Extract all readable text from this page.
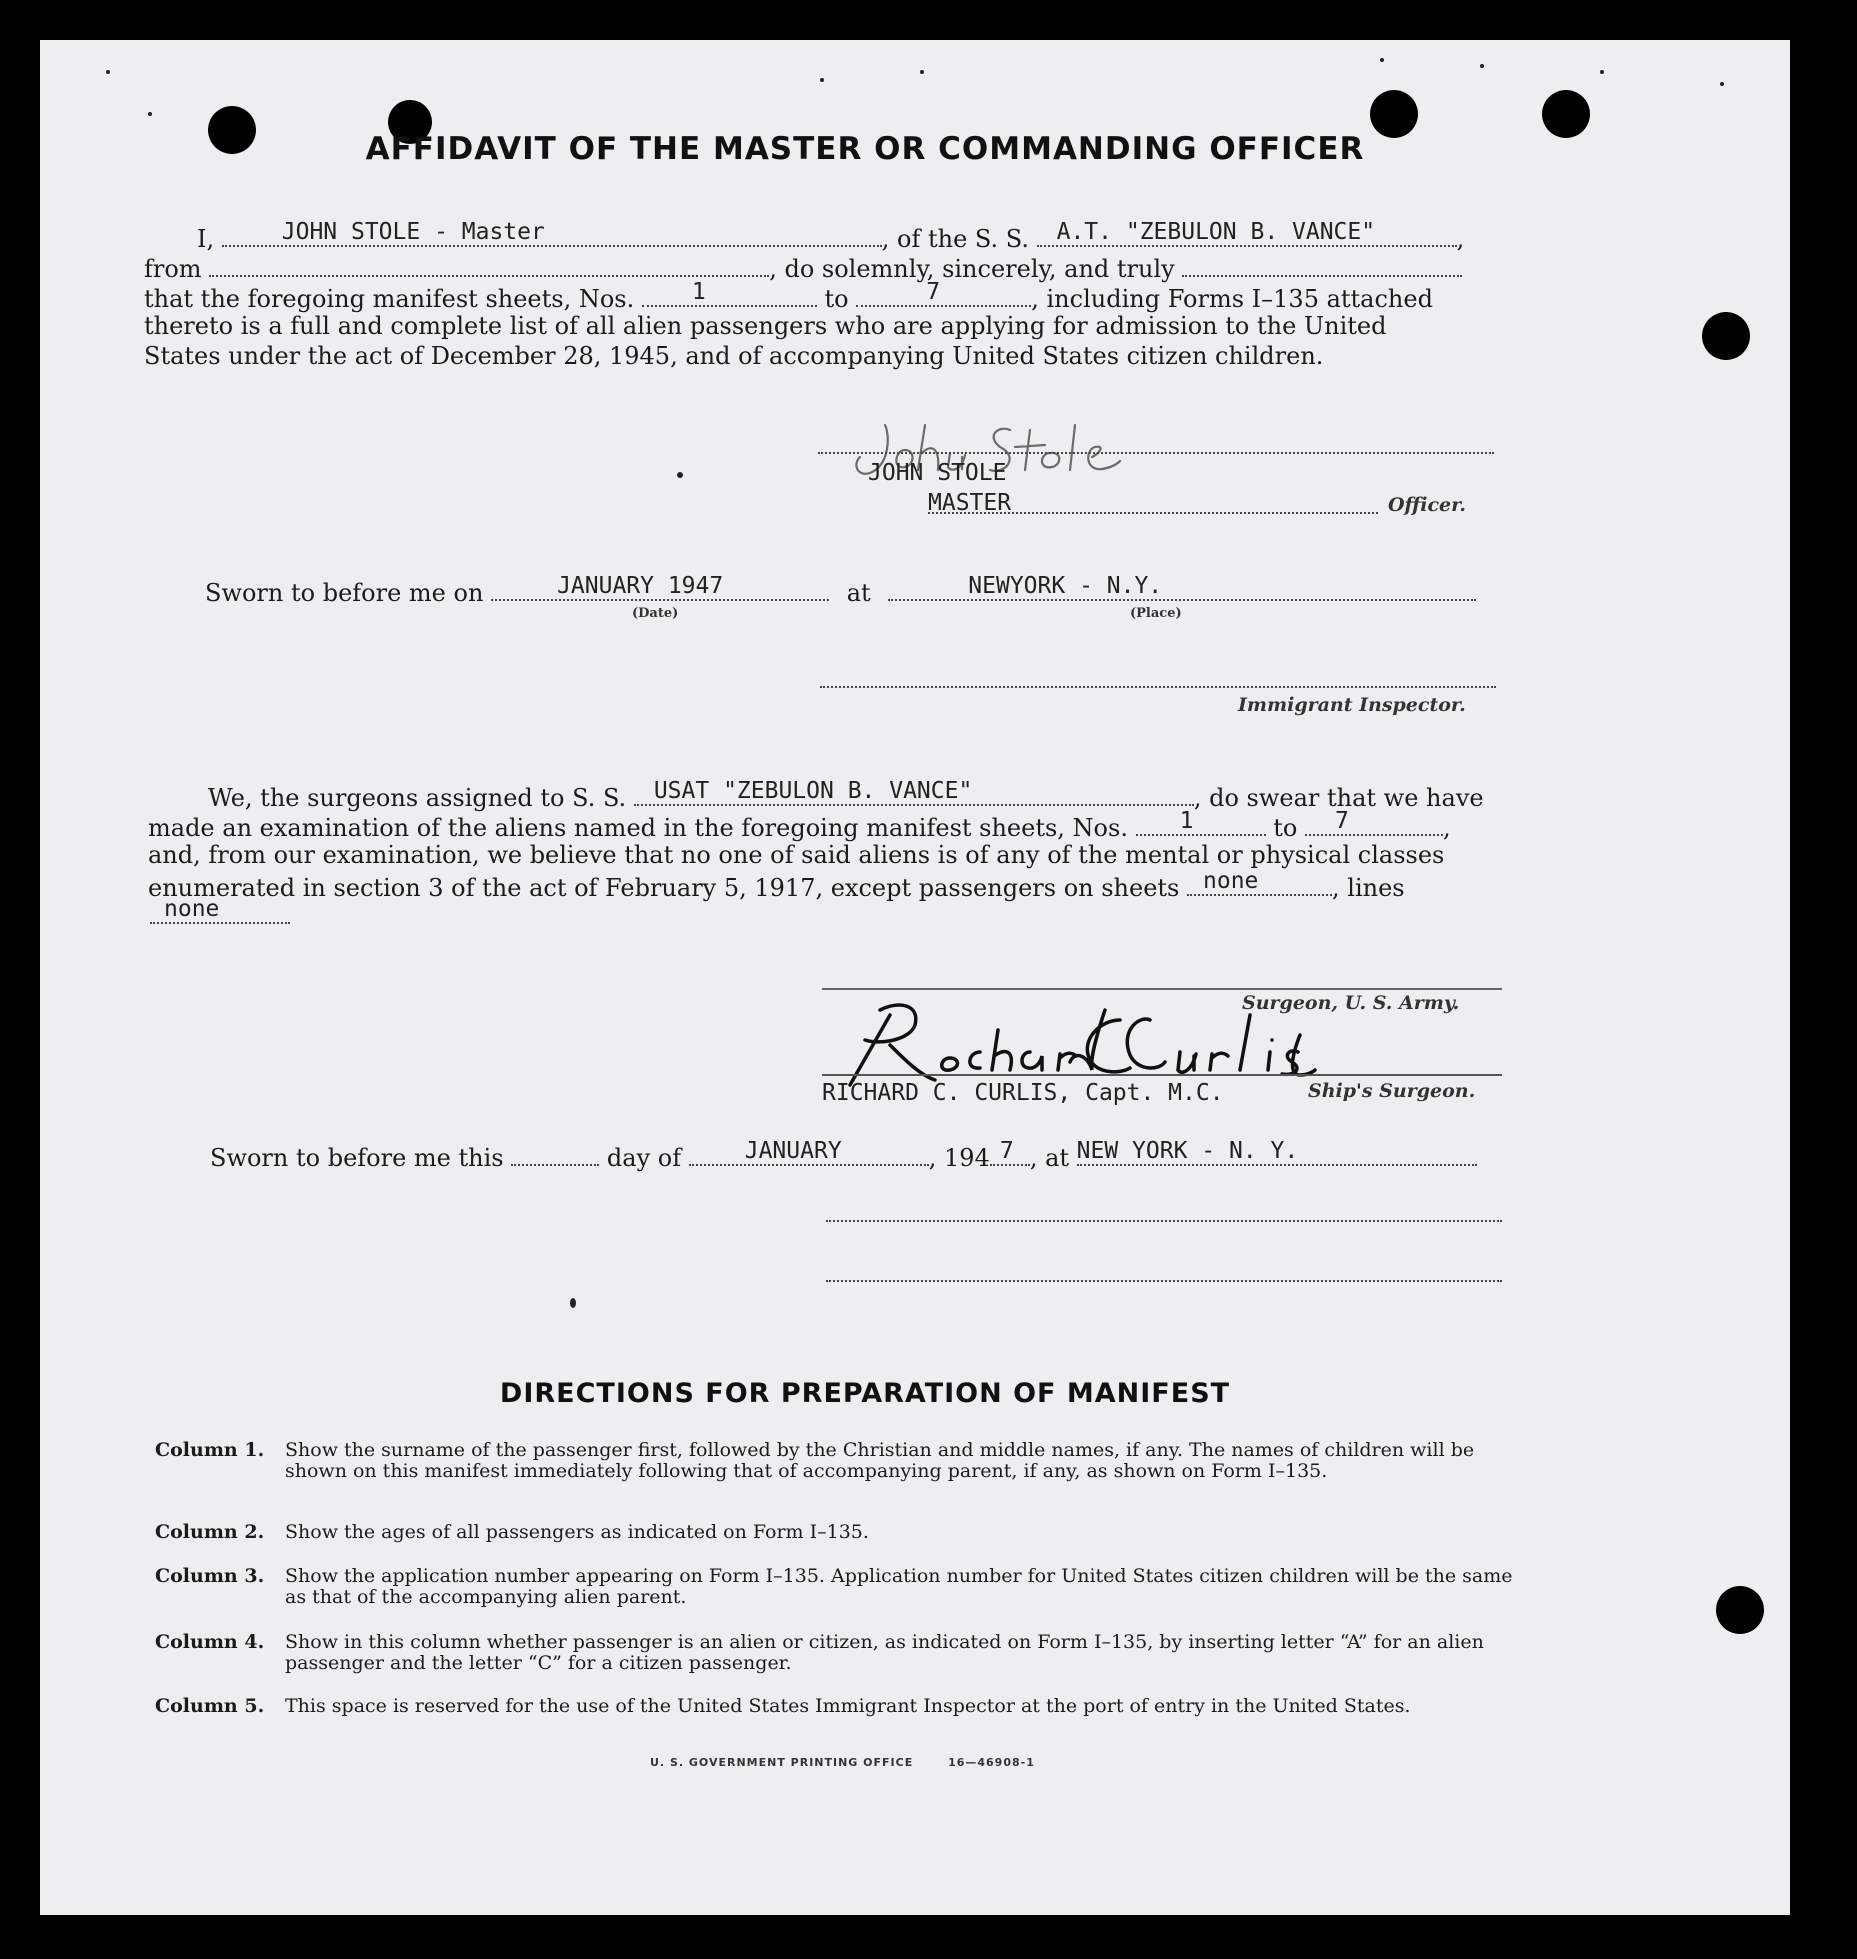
AFFIDAVIT OF THE MASTER OR COMMANDING OFFICER
I,	JOHN STOLE - Master	, of the S. S. A.T. "ZEBULON B. VANCE"	,
from	, do solemnly, sincerely, and truly
that the foregoing manifest sheets, Nos.	1	to	7	, including Forms I–135 attached
thereto is a full and complete list of all alien passengers who are applying for admission to the United
States under the act of December 28, 1945, and of accompanying United States citizen children.
John Stole
JOHN STOLE
MASTER	Officer.
Sworn to before me on	JANUARY 1947	at	NEWYORK - N.Y.
(Date)	(Place)
Immigrant Inspector.
We, the surgeons assigned to S. S. USAT "ZEBULON B. VANCE"	, do swear that we have
made an examination of the aliens named in the foregoing manifest sheets, Nos. 1	to 7	,
and, from our examination, we believe that no one of said aliens is of any of the mental or physical classes
enumerated in section 3 of the act of February 5, 1917, except passengers on sheets none	, lines
none
Surgeon, U. S. Army.
Richard C Curlis
RICHARD C. CURLIS, Capt. M.C.	Ship's Surgeon.
Sworn to before me this	day of	JANUARY	, 194 7 , at NEW YORK - N. Y.
DIRECTIONS FOR PREPARATION OF MANIFEST
Column 1. Show the surname of the passenger first, followed by the Christian and middle names, if any. The names of children will be shown on this manifest immediately following that of accompanying parent, if any, as shown on Form I–135.
Column 2. Show the ages of all passengers as indicated on Form I–135.
Column 3. Show the application number appearing on Form I–135. Application number for United States citizen children will be the same as that of the accompanying alien parent.
Column 4. Show in this column whether passenger is an alien or citizen, as indicated on Form I–135, by inserting letter “A” for an alien passenger and the letter “C” for a citizen passenger.
Column 5. This space is reserved for the use of the United States Immigrant Inspector at the port of entry in the United States.
U. S. GOVERNMENT PRINTING OFFICE	16—46908-1
